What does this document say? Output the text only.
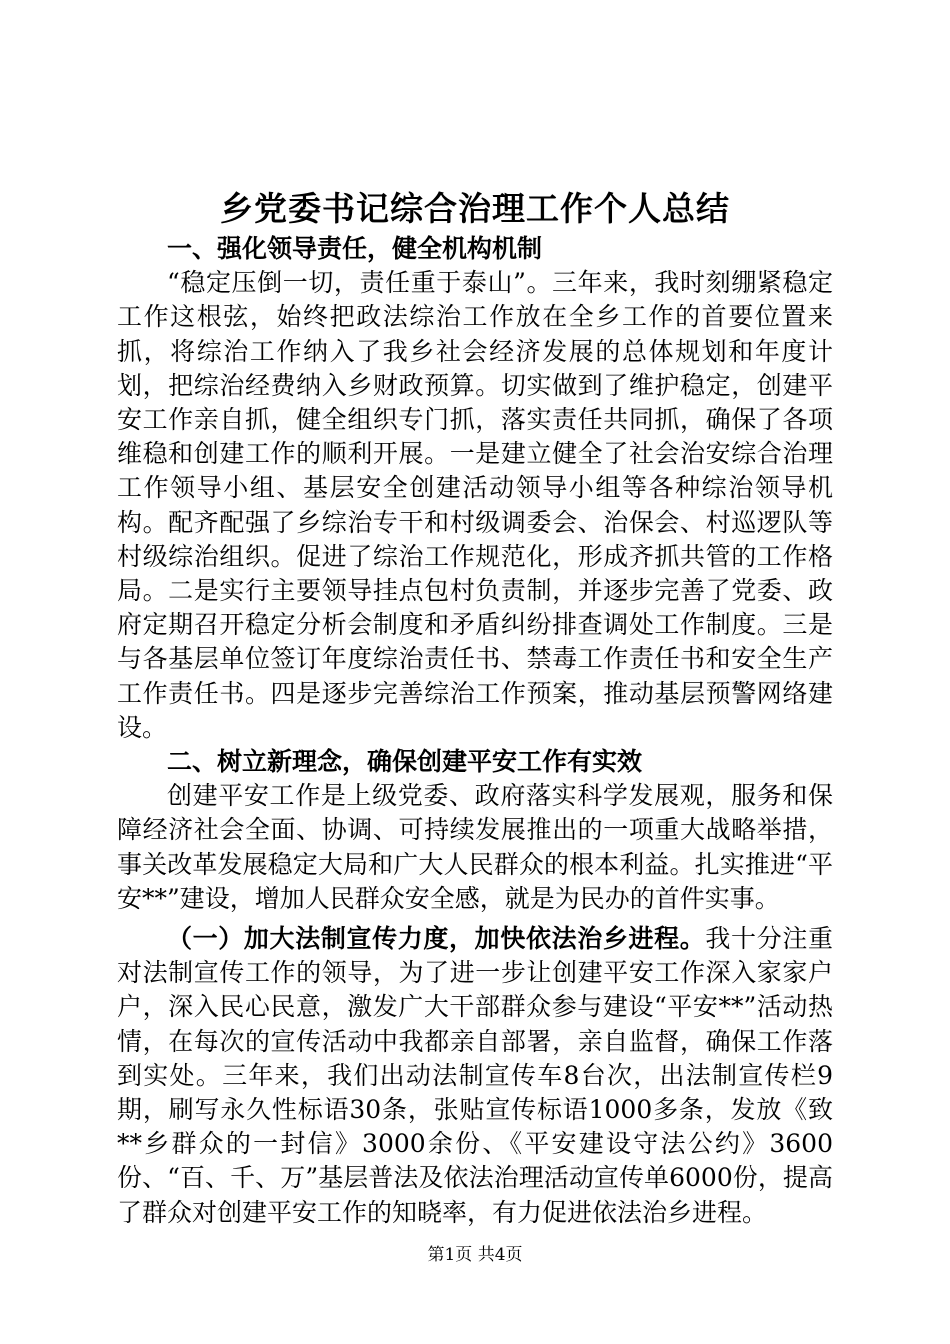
乡党委书记综合治理工作个人总结
一、强化领导责任，健全机构机制

“稳定压倒一切，责任重于泰山”。三年来，我时刻绷紧稳定工作这根弦，始终把政法综治工作放在全乡工作的首要位置来抓，将综治工作纳入了我乡社会经济发展的总体规划和年度计划，把综治经费纳入乡财政预算。切实做到了维护稳定，创建平安工作亲自抓，健全组织专门抓，落实责任共同抓，确保了各项维稳和创建工作的顺利开展。一是建立健全了社会治安综合治理工作领导小组、基层安全创建活动领导小组等各种综治领导机构。配齐配强了乡综治专干和村级调委会、治保会、村巡逻队等村级综治组织。促进了综治工作规范化，形成齐抓共管的工作格局。二是实行主要领导挂点包村负责制，并逐步完善了党委、政府定期召开稳定分析会制度和矛盾纠纷排查调处工作制度。三是与各基层单位签订年度综治责任书、禁毒工作责任书和安全生产工作责任书。四是逐步完善综治工作预案，推动基层预警网络建设。

二、树立新理念，确保创建平安工作有实效

创建平安工作是上级党委、政府落实科学发展观，服务和保障经济社会全面、协调、可持续发展推出的一项重大战略举措，事关改革发展稳定大局和广大人民群众的根本利益。扎实推进“平安**”建设，增加人民群众安全感，就是为民办的首件实事。

（一）加大法制宣传力度，加快依法治乡进程。我十分注重对法制宣传工作的领导，为了进一步让创建平安工作深入家家户户，深入民心民意，激发广大干部群众参与建设“平安**”活动热情，在每次的宣传活动中我都亲自部署，亲自监督，确保工作落到实处。三年来，我们出动法制宣传车8台次，出法制宣传栏9期，刷写永久性标语30条，张贴宣传标语1000多条，发放《致**乡群众的一封信》3000余份、《平安建设守法公约》3600份、“百、千、万”基层普法及依法治理活动宣传单6000份，提高了群众对创建平安工作的知晓率，有力促进依法治乡进程。

第1页 共4页
